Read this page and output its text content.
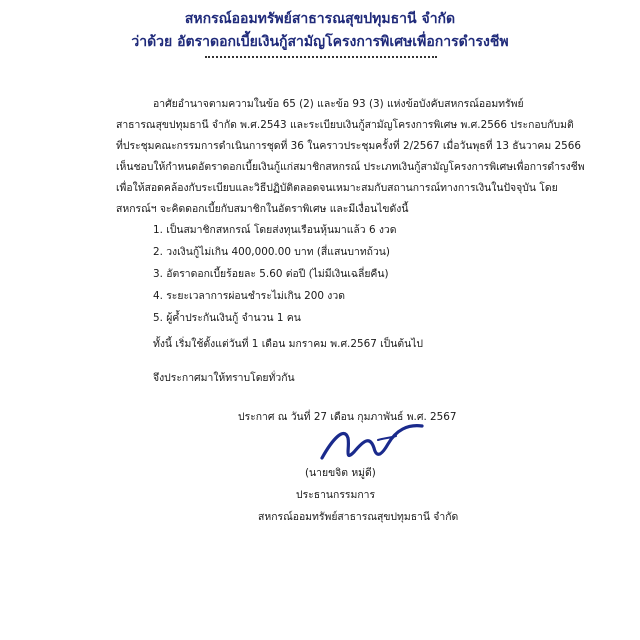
สหกรณ์ออมทรัพย์สาธารณสุขปทุมธานี จำกัด
ว่าด้วย อัตราดอกเบี้ยเงินกู้สามัญโครงการพิเศษเพื่อการดำรงชีพ
อาศัยอำนาจตามความในข้อ 65 (2) และข้อ 93 (3) แห่งข้อบังคับสหกรณ์ออมทรัพย์
สาธารณสุขปทุมธานี จำกัด พ.ศ.2543 และระเบียบเงินกู้สามัญโครงการพิเศษ พ.ศ.2566 ประกอบกับมติ
ที่ประชุมคณะกรรมการดำเนินการชุดที่ 36 ในคราวประชุมครั้งที่ 2/2567 เมื่อวันพุธที่ 13 ธันวาคม 2566
เห็นชอบให้กำหนดอัตราดอกเบี้ยเงินกู้แก่สมาชิกสหกรณ์ ประเภทเงินกู้สามัญโครงการพิเศษเพื่อการดำรงชีพ
เพื่อให้สอดคล้องกับระเบียบและวิธีปฏิบัติตลอดจนเหมาะสมกับสถานการณ์ทางการเงินในปัจจุบัน โดย
สหกรณ์ฯ จะคิดดอกเบี้ยกับสมาชิกในอัตราพิเศษ และมีเงื่อนไขดังนี้
1. เป็นสมาชิกสหกรณ์ โดยส่งทุนเรือนหุ้นมาแล้ว 6 งวด
2. วงเงินกู้ไม่เกิน 400,000.00 บาท (สี่แสนบาทถ้วน)
3. อัตราดอกเบี้ยร้อยละ 5.60 ต่อปี (ไม่มีเงินเฉลี่ยคืน)
4. ระยะเวลาการผ่อนชำระไม่เกิน 200 งวด
5. ผู้ค้ำประกันเงินกู้ จำนวน 1 คน
ทั้งนี้ เริ่มใช้ตั้งแต่วันที่ 1 เดือน มกราคม พ.ศ.2567 เป็นต้นไป
จึงประกาศมาให้ทราบโดยทั่วกัน
ประกาศ ณ วันที่ 27 เดือน กุมภาพันธ์ พ.ศ. 2567
(นายขจิต หมู่ดี)
ประธานกรรมการ
สหกรณ์ออมทรัพย์สาธารณสุขปทุมธานี จำกัด
